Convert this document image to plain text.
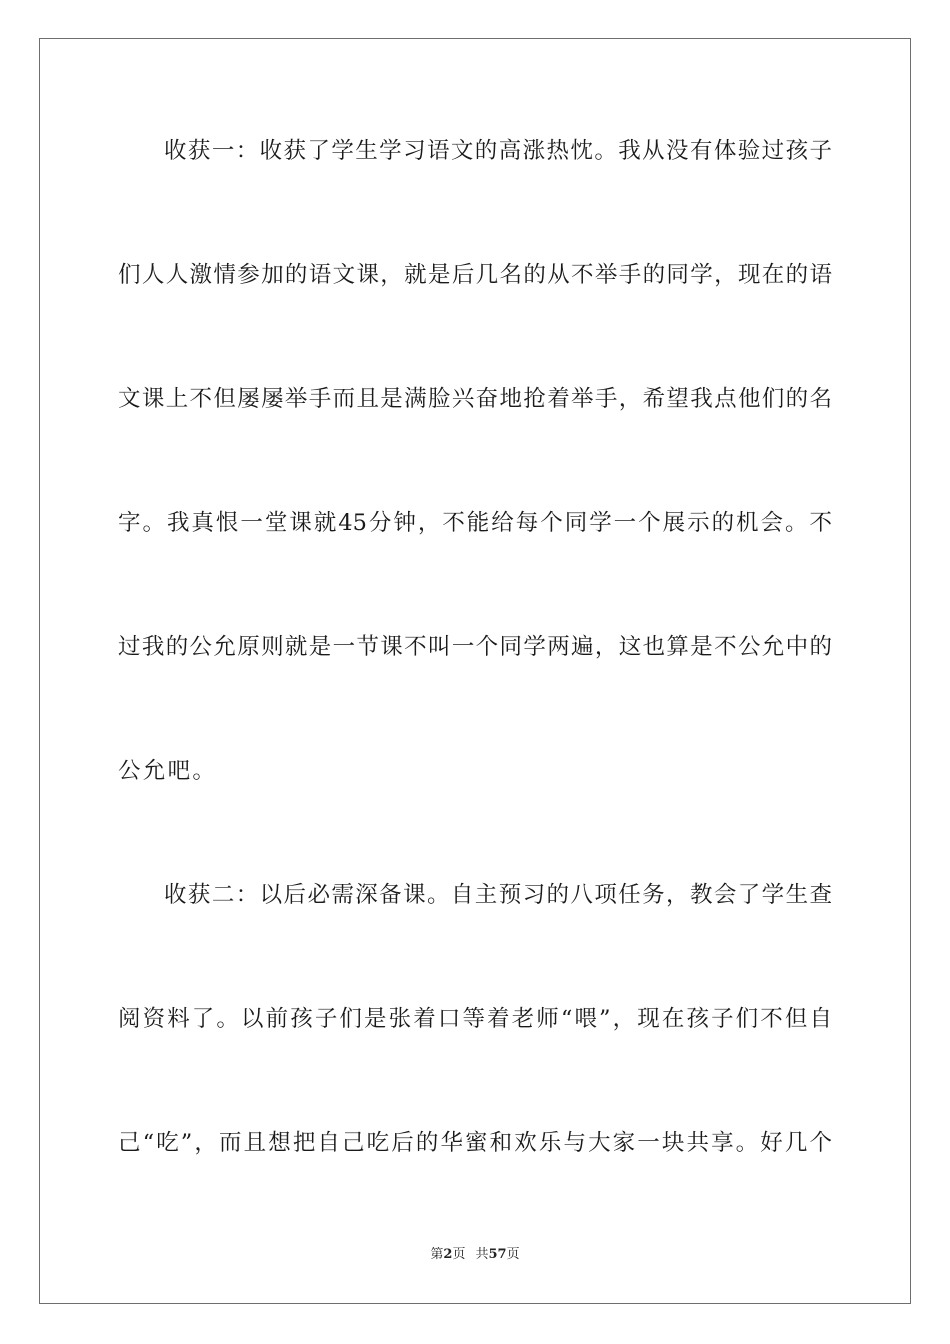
收获一：收获了学生学习语文的高涨热忱。我从没有体验过孩子
们人人激情参加的语文课，就是后几名的从不举手的同学，现在的语
文课上不但屡屡举手而且是满脸兴奋地抢着举手，希望我点他们的名
字。我真恨一堂课就45分钟，不能给每个同学一个展示的机会。不
过我的公允原则就是一节课不叫一个同学两遍，这也算是不公允中的
公允吧。
收获二：以后必需深备课。自主预习的八项任务，教会了学生查
阅资料了。以前孩子们是张着口等着老师“喂”，现在孩子们不但自
己“吃”，而且想把自己吃后的华蜜和欢乐与大家一块共享。好几个
第2页 共57页
